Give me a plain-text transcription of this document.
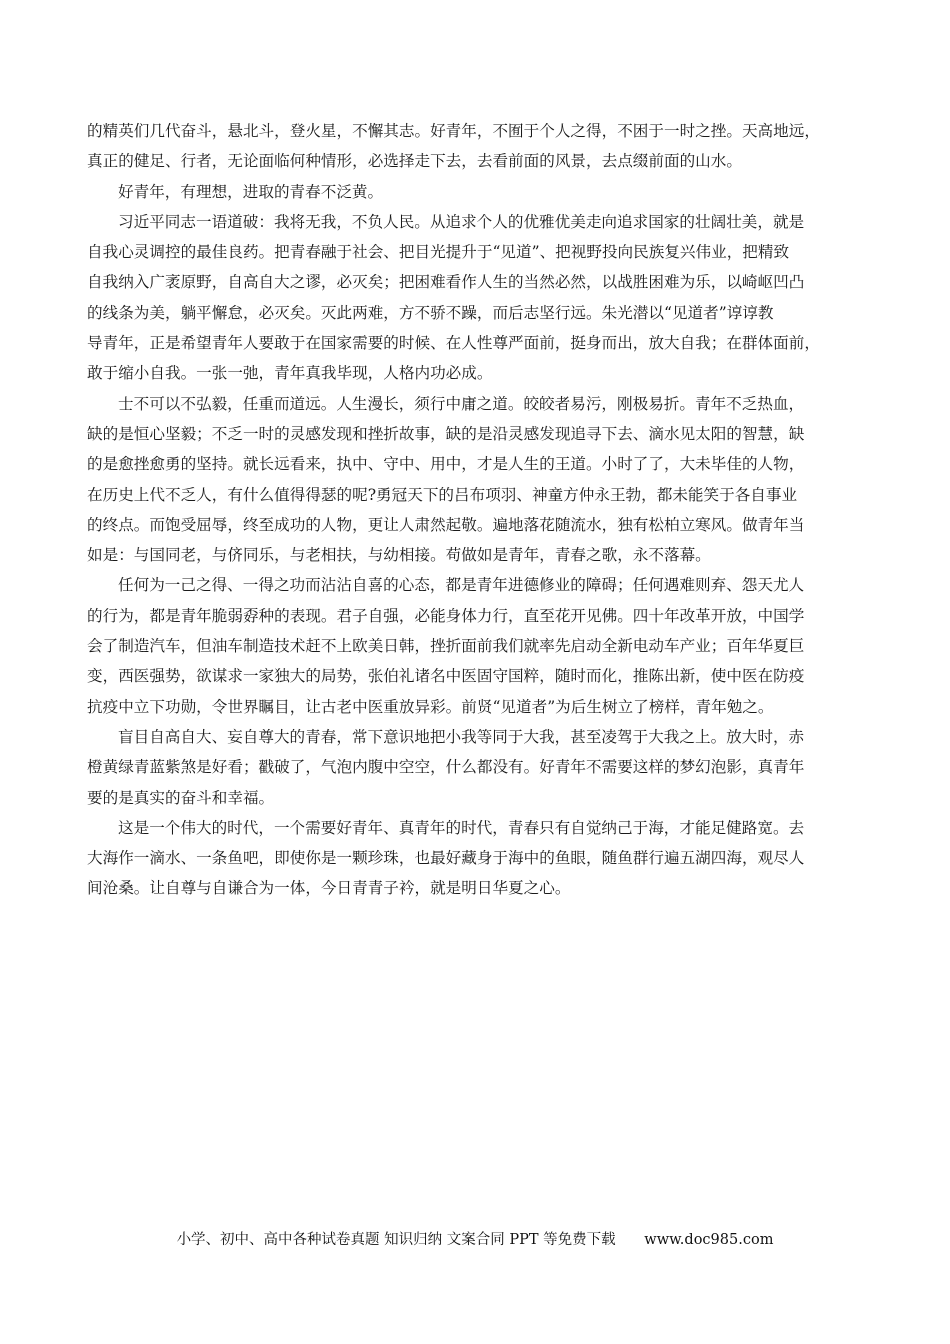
的精英们几代奋斗，悬北斗，登火星，不懈其志。好青年，不囿于个人之得，不困于一时之挫。天高地远，
真正的健足、行者，无论面临何种情形，必选择走下去，去看前面的风景，去点缀前面的山水。

好青年，有理想，进取的青春不泛黄。

习近平同志一语道破：我将无我，不负人民。从追求个人的优雅优美走向追求国家的壮阔壮美，就是
自我心灵调控的最佳良药。把青春融于社会、把目光提升于“见道”、把视野投向民族复兴伟业，把精致
自我纳入广袤原野，自高自大之谬，必灭矣；把困难看作人生的当然必然，以战胜困难为乐，以崎岖凹凸
的线条为美，躺平懈怠，必灭矣。灭此两难，方不骄不躁，而后志坚行远。朱光潜以“见道者”谆谆教
导青年，正是希望青年人要敢于在国家需要的时候、在人性尊严面前，挺身而出，放大自我；在群体面前，
敢于缩小自我。一张一弛，青年真我毕现，人格内功必成。

士不可以不弘毅，任重而道远。人生漫长，须行中庸之道。皎皎者易污，刚极易折。青年不乏热血，
缺的是恒心坚毅；不乏一时的灵感发现和挫折故事，缺的是沿灵感发现追寻下去、滴水见太阳的智慧，缺
的是愈挫愈勇的坚持。就长远看来，执中、守中、用中，才是人生的王道。小时了了，大未毕佳的人物，
在历史上代不乏人，有什么值得得瑟的呢?勇冠天下的吕布项羽、神童方仲永王勃，都未能笑于各自事业
的终点。而饱受屈辱，终至成功的人物，更让人肃然起敬。遍地落花随流水，独有松柏立寒风。做青年当
如是：与国同老，与侪同乐，与老相扶，与幼相接。苟做如是青年，青春之歌，永不落幕。

任何为一己之得、一得之功而沾沾自喜的心态，都是青年进德修业的障碍；任何遇难则弃、怨天尤人
的行为，都是青年脆弱孬种的表现。君子自强，必能身体力行，直至花开见佛。四十年改革开放，中国学
会了制造汽车，但油车制造技术赶不上欧美日韩，挫折面前我们就率先启动全新电动车产业；百年华夏巨
变，西医强势，欲谋求一家独大的局势，张伯礼诸名中医固守国粹，随时而化，推陈出新，使中医在防疫
抗疫中立下功勋，令世界瞩目，让古老中医重放异彩。前贤“见道者”为后生树立了榜样，青年勉之。

盲目自高自大、妄自尊大的青春，常下意识地把小我等同于大我，甚至凌驾于大我之上。放大时，赤
橙黄绿青蓝紫煞是好看；戳破了，气泡内腹中空空，什么都没有。好青年不需要这样的梦幻泡影，真青年
要的是真实的奋斗和幸福。

这是一个伟大的时代，一个需要好青年、真青年的时代，青春只有自觉纳己于海，才能足健路宽。去
大海作一滴水、一条鱼吧，即使你是一颗珍珠，也最好藏身于海中的鱼眼，随鱼群行遍五湖四海，观尽人
间沧桑。让自尊与自谦合为一体，今日青青子衿，就是明日华夏之心。

小学、初中、高中各种试卷真题 知识归纳 文案合同 PPT 等免费下载 www.doc985.com
